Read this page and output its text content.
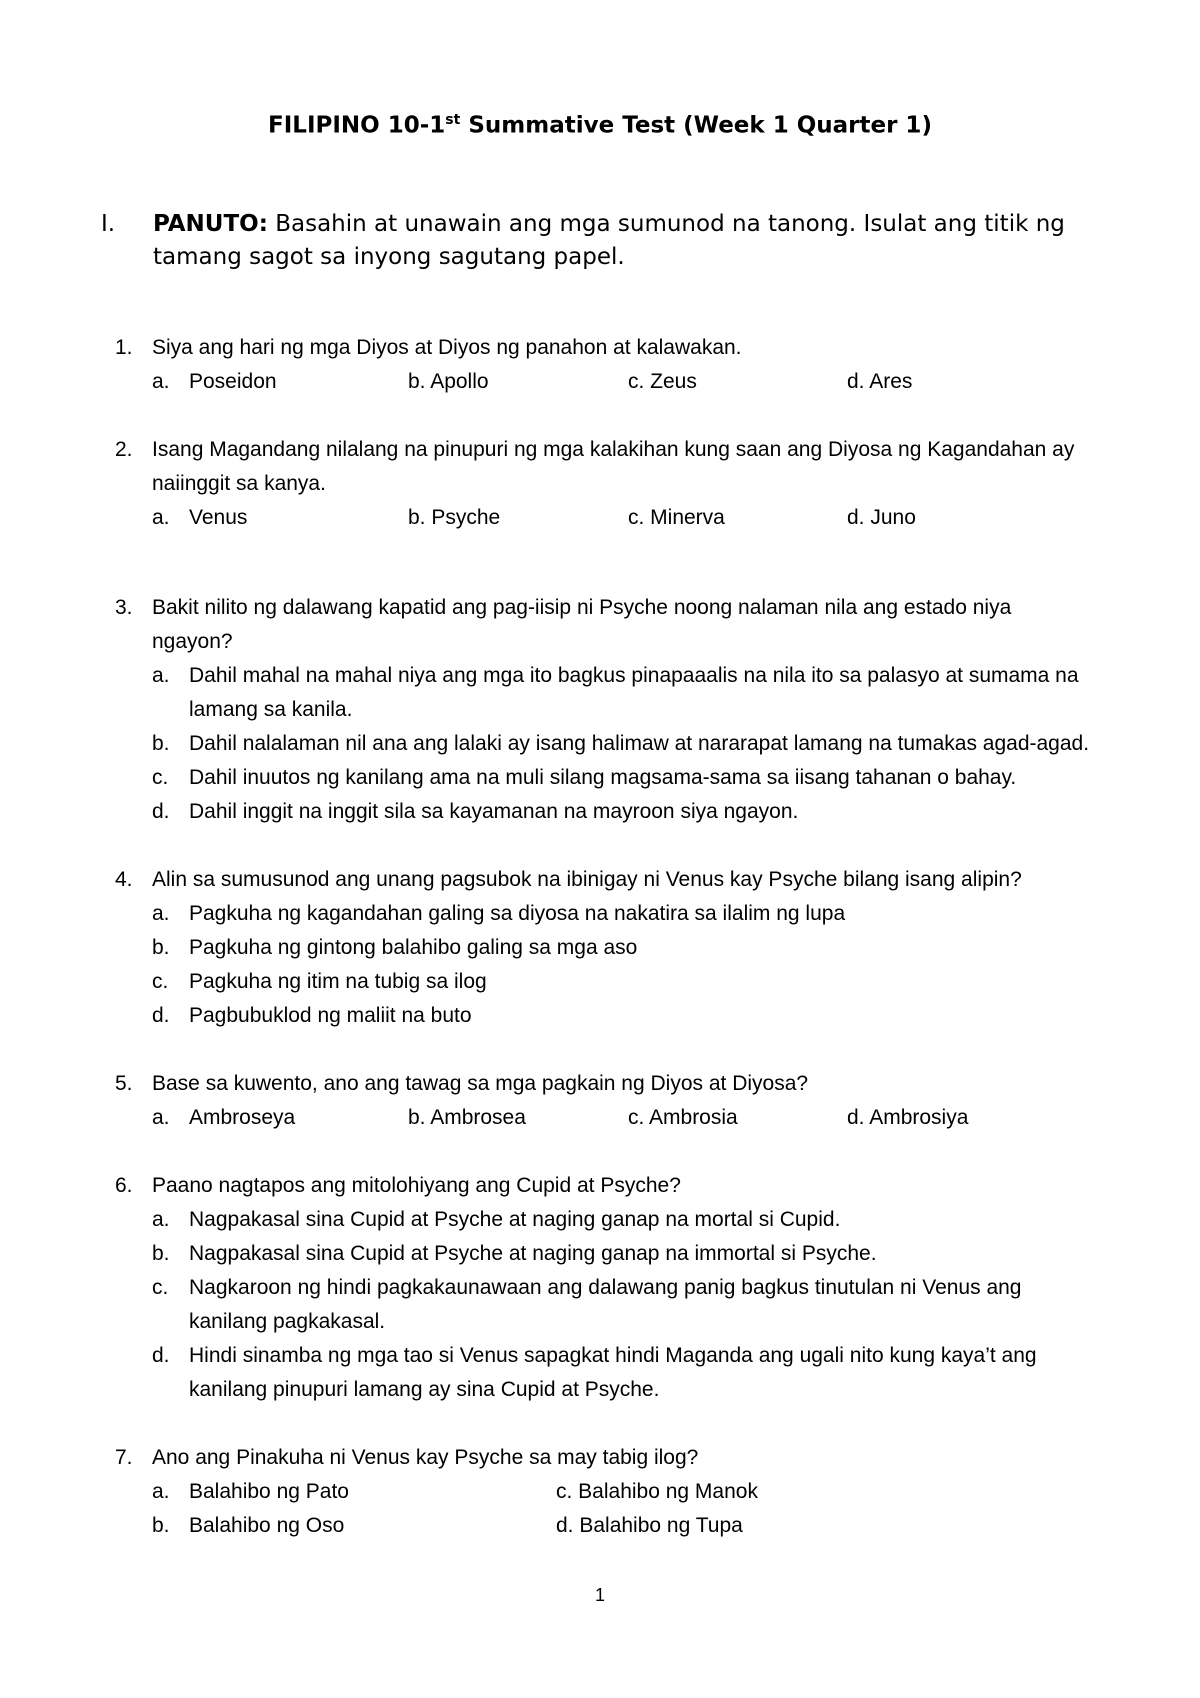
FILIPINO 10-1st Summative Test (Week 1 Quarter 1)
I. PANUTO: Basahin at unawain ang mga sumunod na tanong. Isulat ang titik ng tamang sagot sa inyong sagutang papel.
1. Siya ang hari ng mga Diyos at Diyos ng panahon at kalawakan.
a. Poseidon	b. Apollo	c. Zeus	d. Ares
2. Isang Magandang nilalang na pinupuri ng mga kalakihan kung saan ang Diyosa ng Kagandahan ay naiinggit sa kanya.
a. Venus	b. Psyche	c. Minerva	d. Juno
3. Bakit nilito ng dalawang kapatid ang pag-iisip ni Psyche noong nalaman nila ang estado niya ngayon?
a. Dahil mahal na mahal niya ang mga ito bagkus pinapaaalis na nila ito sa palasyo at sumama na lamang sa kanila.
b. Dahil nalalaman nil ana ang lalaki ay isang halimaw at nararapat lamang na tumakas agad-agad.
c. Dahil inuutos ng kanilang ama na muli silang magsama-sama sa iisang tahanan o bahay.
d. Dahil inggit na inggit sila sa kayamanan na mayroon siya ngayon.
4. Alin sa sumusunod ang unang pagsubok na ibinigay ni Venus kay Psyche bilang isang alipin?
a. Pagkuha ng kagandahan galing sa diyosa na nakatira sa ilalim ng lupa
b. Pagkuha ng gintong balahibo galing sa mga aso
c. Pagkuha ng itim na tubig sa ilog
d. Pagbubuklod ng maliit na buto
5. Base sa kuwento, ano ang tawag sa mga pagkain ng Diyos at Diyosa?
a. Ambroseya	b. Ambrosea	c. Ambrosia	d. Ambrosiya
6. Paano nagtapos ang mitolohiyang ang Cupid at Psyche?
a. Nagpakasal sina Cupid at Psyche at naging ganap na mortal si Cupid.
b. Nagpakasal sina Cupid at Psyche at naging ganap na immortal si Psyche.
c. Nagkaroon ng hindi pagkakaunawaan ang dalawang panig bagkus tinutulan ni Venus ang kanilang pagkakasal.
d. Hindi sinamba ng mga tao si Venus sapagkat hindi Maganda ang ugali nito kung kaya’t ang kanilang pinupuri lamang ay sina Cupid at Psyche.
7. Ano ang Pinakuha ni Venus kay Psyche sa may tabig ilog?
a. Balahibo ng Pato	c. Balahibo ng Manok
b. Balahibo ng Oso	d. Balahibo ng Tupa
1
